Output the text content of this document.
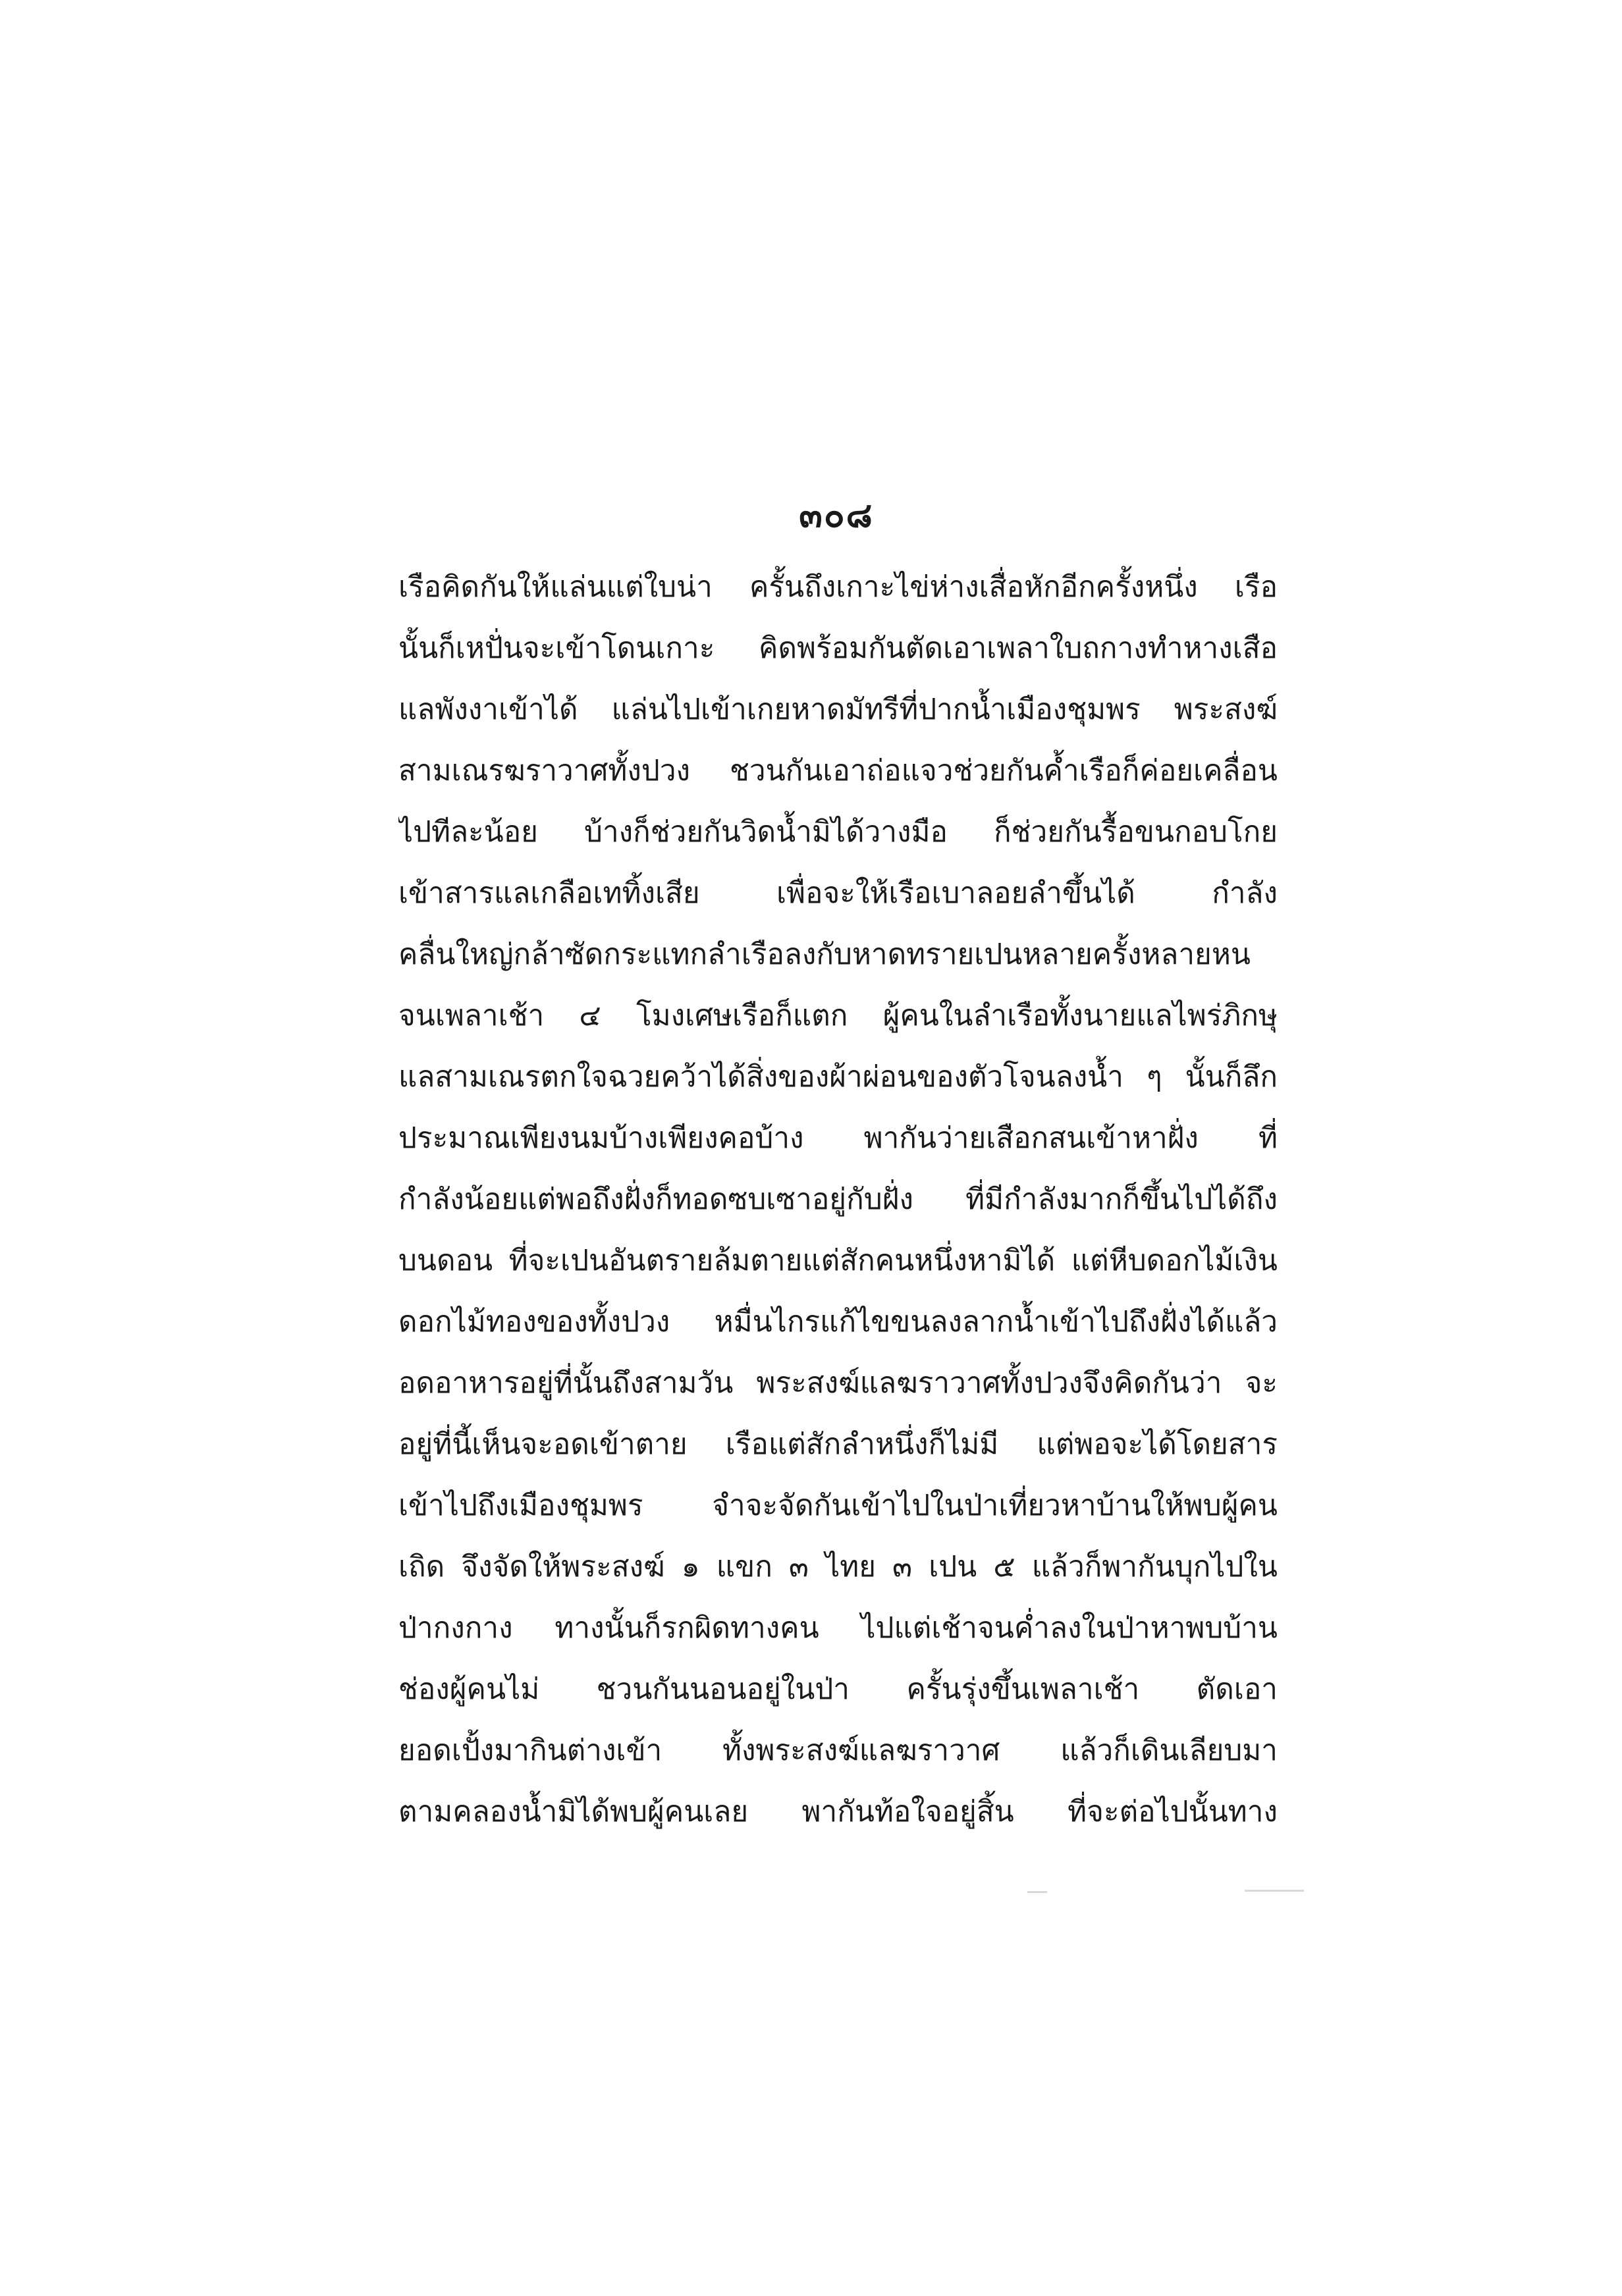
๓๐๘
เรือคิดกันให้แล่นแต่ใบน่า ครั้นถึงเกาะไข่ห่างเสื่อหักอีกครั้งหนึ่ง เรือ
นั้นก็เหปั่นจะเข้าโดนเกาะ คิดพร้อมกันตัดเอาเพลาใบถกางทำหางเสือ
แลพังงาเข้าได้ แล่นไปเข้าเกยหาดมัทรีที่ปากน้ำเมืองชุมพร พระสงฆ์
สามเณรฆราวาศทั้งปวง ชวนกันเอาถ่อแจวช่วยกันค้ำเรือก็ค่อยเคลื่อน
ไปทีละน้อย บ้างก็ช่วยกันวิดน้ำมิได้วางมือ ก็ช่วยกันรื้อขนกอบโกย
เข้าสารแลเกลือเททิ้งเสีย เพื่อจะให้เรือเบาลอยลำขึ้นได้ กำลัง
คลื่นใหญ่กล้าซัดกระแทกลำเรือลงกับหาดทรายเปนหลายครั้งหลายหน
จนเพลาเช้า ๔ โมงเศษเรือก็แตก ผู้คนในลำเรือทั้งนายแลไพร่ภิกษุ
แลสามเณรตกใจฉวยคว้าได้สิ่งของผ้าผ่อนของตัวโจนลงน้ำ ๆ นั้นก็ลึก
ประมาณเพียงนมบ้างเพียงคอบ้าง พากันว่ายเสือกสนเข้าหาฝั่ง ที่
กำลังน้อยแต่พอถึงฝั่งก็ทอดซบเซาอยู่กับฝั่ง ที่มีกำลังมากก็ขึ้นไปได้ถึง
บนดอน ที่จะเปนอันตรายล้มตายแต่สักคนหนึ่งหามิได้ แต่หีบดอกไม้เงิน
ดอกไม้ทองของทั้งปวง หมื่นไกรแก้ไขขนลงลากน้ำเข้าไปถึงฝั่งได้แล้ว
อดอาหารอยู่ที่นั้นถึงสามวัน พระสงฆ์แลฆราวาศทั้งปวงจึงคิดกันว่า จะ
อยู่ที่นี้เห็นจะอดเข้าตาย เรือแต่สักลำหนึ่งก็ไม่มี แต่พอจะได้โดยสาร
เข้าไปถึงเมืองชุมพร จำจะจัดกันเข้าไปในป่าเที่ยวหาบ้านให้พบผู้คน
เถิด จึงจัดให้พระสงฆ์ ๑ แขก ๓ ไทย ๓ เปน ๕ แล้วก็พากันบุกไปใน
ป่ากงกาง ทางนั้นก็รกผิดทางคน ไปแต่เช้าจนค่ำลงในป่าหาพบบ้าน
ช่องผู้คนไม่ ชวนกันนอนอยู่ในป่า ครั้นรุ่งขึ้นเพลาเช้า ตัดเอา
ยอดเปั้งมากินต่างเข้า ทั้งพระสงฆ์แลฆราวาศ แล้วก็เดินเลียบมา
ตามคลองน้ำมิได้พบผู้คนเลย พากันท้อใจอยู่สิ้น ที่จะต่อไปนั้นทาง
